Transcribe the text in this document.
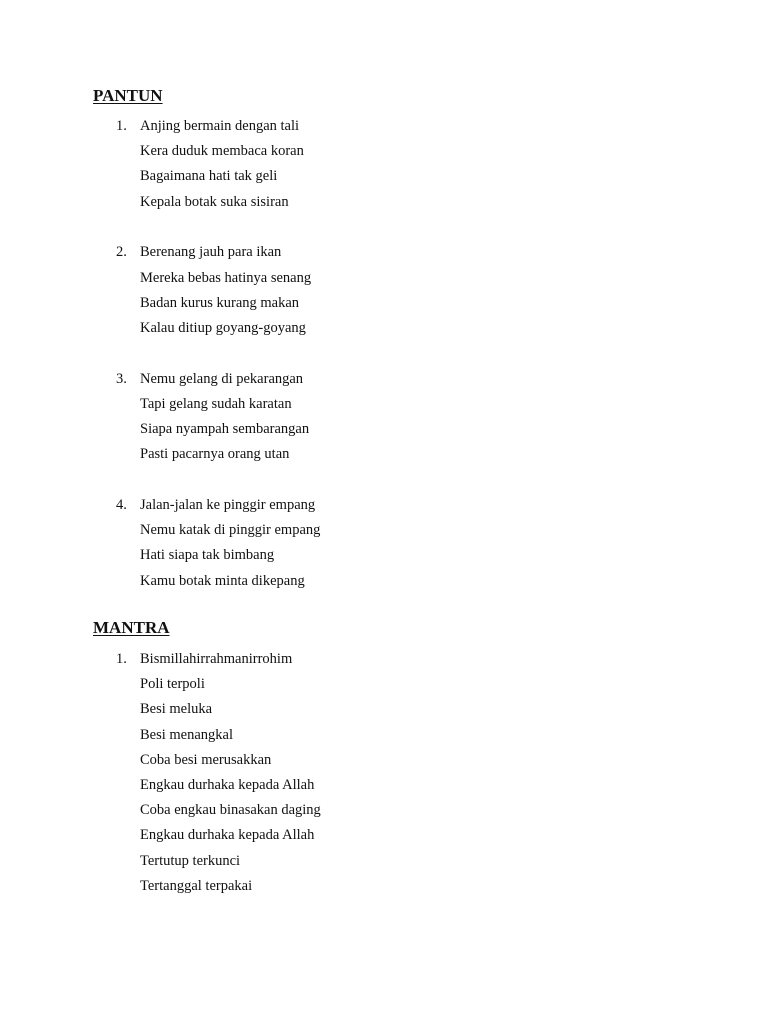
PANTUN
1. Anjing bermain dengan tali
Kera duduk membaca koran
Bagaimana hati tak geli
Kepala botak suka sisiran
2. Berenang jauh para ikan
Mereka bebas hatinya senang
Badan kurus kurang makan
Kalau ditiup goyang-goyang
3. Nemu gelang di pekarangan
Tapi gelang sudah karatan
Siapa nyampah sembarangan
Pasti pacarnya orang utan
4. Jalan-jalan ke pinggir empang
Nemu katak di pinggir empang
Hati siapa tak bimbang
Kamu botak minta dikepang
MANTRA
1. Bismillahirrahmanirrohim
Poli terpoli
Besi meluka
Besi menangkal
Coba besi merusakkan
Engkau durhaka kepada Allah
Coba engkau binasakan daging
Engkau durhaka kepada Allah
Tertutup terkunci
Tertanggal terpakai
